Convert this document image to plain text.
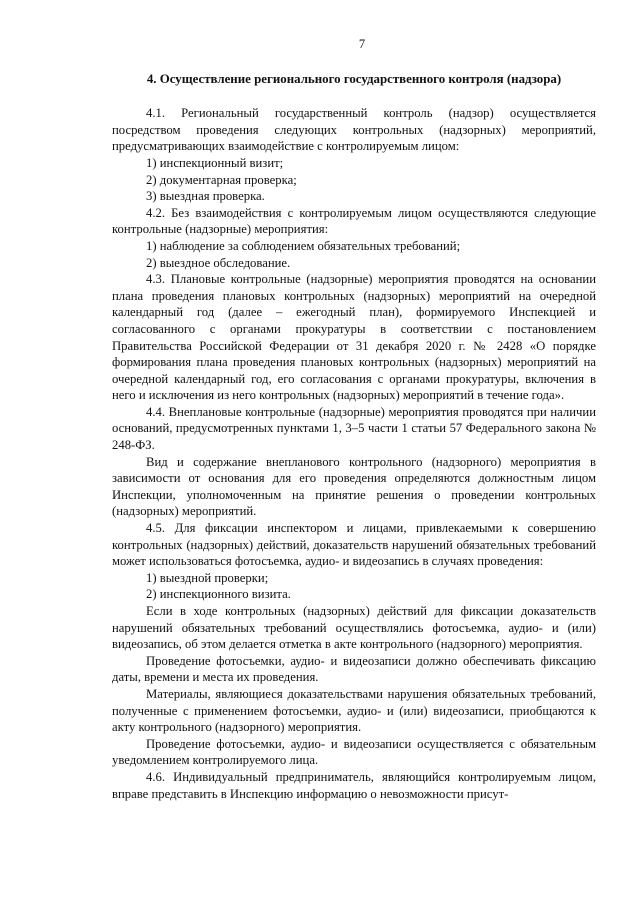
7
4. Осуществление регионального государственного контроля (надзора)

4.1. Региональный государственный контроль (надзор) осуществляется посредством проведения следующих контрольных (надзорных) мероприятий, предусматривающих взаимодействие с контролируемым лицом:

1) инспекционный визит;

2) документарная проверка;

3) выездная проверка.

4.2. Без взаимодействия с контролируемым лицом осуществляются следующие контрольные (надзорные) мероприятия:

1) наблюдение за соблюдением обязательных требований;

2) выездное обследование.

4.3. Плановые контрольные (надзорные) мероприятия проводятся на основании плана проведения плановых контрольных (надзорных) мероприятий на очередной календарный год (далее – ежегодный план), формируемого Инспекцией и согласованного с органами прокуратуры в соответствии с постановлением Правительства Российской Федерации от 31 декабря 2020 г. № 2428 «О порядке формирования плана проведения плановых контрольных (надзорных) мероприятий на очередной календарный год, его согласования с органами прокуратуры, включения в него и исключения из него контрольных (надзорных) мероприятий в течение года».

4.4. Внеплановые контрольные (надзорные) мероприятия проводятся при наличии оснований, предусмотренных пунктами 1, 3–5 части 1 статьи 57 Федерального закона № 248-ФЗ.

Вид и содержание внепланового контрольного (надзорного) мероприятия в зависимости от основания для его проведения определяются должностным лицом Инспекции, уполномоченным на принятие решения о проведении контрольных (надзорных) мероприятий.

4.5. Для фиксации инспектором и лицами, привлекаемыми к совершению контрольных (надзорных) действий, доказательств нарушений обязательных требований может использоваться фотосъемка, аудио- и видеозапись в случаях проведения:

1) выездной проверки;

2) инспекционного визита.

Если в ходе контрольных (надзорных) действий для фиксации доказательств нарушений обязательных требований осуществлялись фотосъемка, аудио- и (или) видеозапись, об этом делается отметка в акте контрольного (надзорного) мероприятия.

Проведение фотосъемки, аудио- и видеозаписи должно обеспечивать фиксацию даты, времени и места их проведения.

Материалы, являющиеся доказательствами нарушения обязательных требований, полученные с применением фотосъемки, аудио- и (или) видеозаписи, приобщаются к акту контрольного (надзорного) мероприятия.

Проведение фотосъемки, аудио- и видеозаписи осуществляется с обязательным уведомлением контролируемого лица.

4.6. Индивидуальный предприниматель, являющийся контролируемым лицом, вправе представить в Инспекцию информацию о невозможности присут-
